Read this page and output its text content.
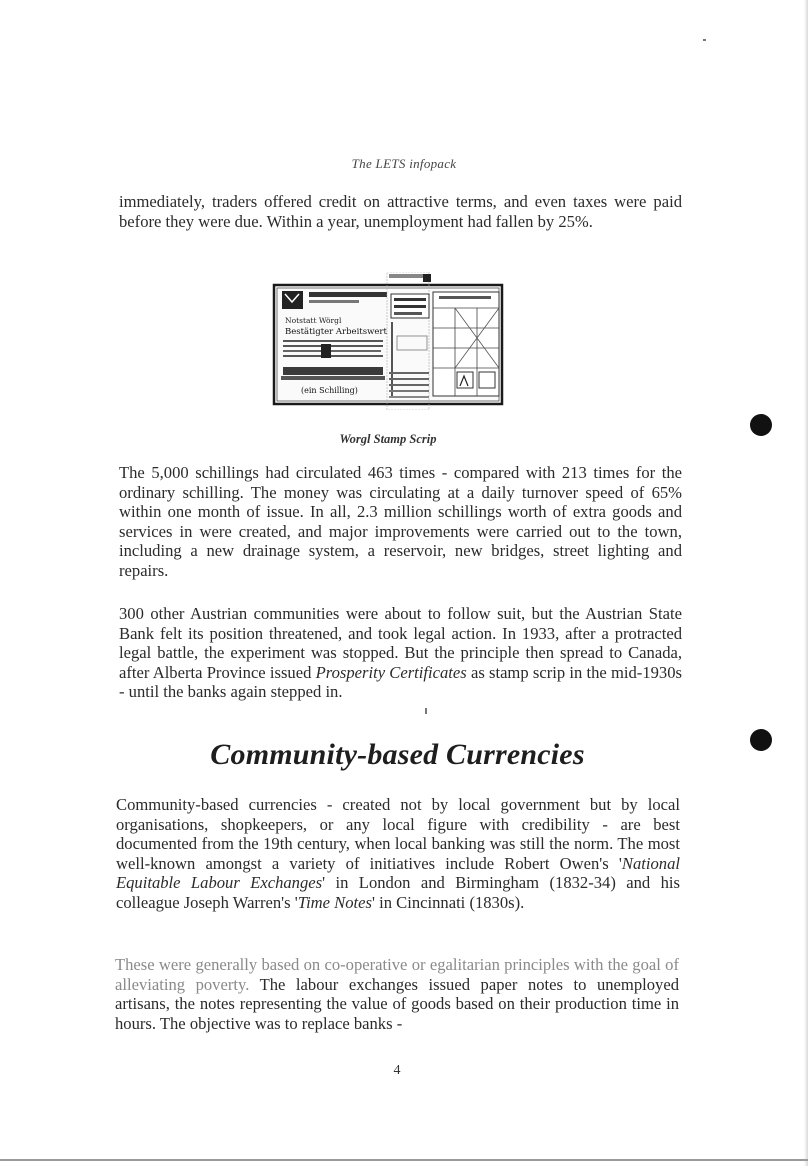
The LETS infopack

immediately, traders offered credit on attractive terms, and even taxes were paid before they were due. Within a year, unemployment had fallen by 25%.

Notstatt Wörgl
Bestätigter Arbeitswert
(ein Schilling)
Worgl Stamp Scrip

The 5,000 schillings had circulated 463 times - compared with 213 times for the ordinary schilling. The money was circulating at a daily turnover speed of 65% within one month of issue. In all, 2.3 million schillings worth of extra goods and services in were created, and major improvements were carried out to the town, including a new drainage system, a reservoir, new bridges, street lighting and repairs.

300 other Austrian communities were about to follow suit, but the Austrian State Bank felt its position threatened, and took legal action. In 1933, after a protracted legal battle, the experiment was stopped. But the principle then spread to Canada, after Alberta Province issued Prosperity Certificates as stamp scrip in the mid-1930s - until the banks again stepped in.

Community-based Currencies

Community-based currencies - created not by local government but by local organisations, shopkeepers, or any local figure with credibility - are best documented from the 19th century, when local banking was still the norm. The most well-known amongst a variety of initiatives include Robert Owen's 'National Equitable Labour Exchanges' in London and Birmingham (1832-34) and his colleague Joseph Warren's 'Time Notes' in Cincinnati (1830s).

These were generally based on co-operative or egalitarian principles with the goal of alleviating poverty. The labour exchanges issued paper notes to unemployed artisans, the notes representing the value of goods based on their production time in hours. The objective was to replace banks -

4
